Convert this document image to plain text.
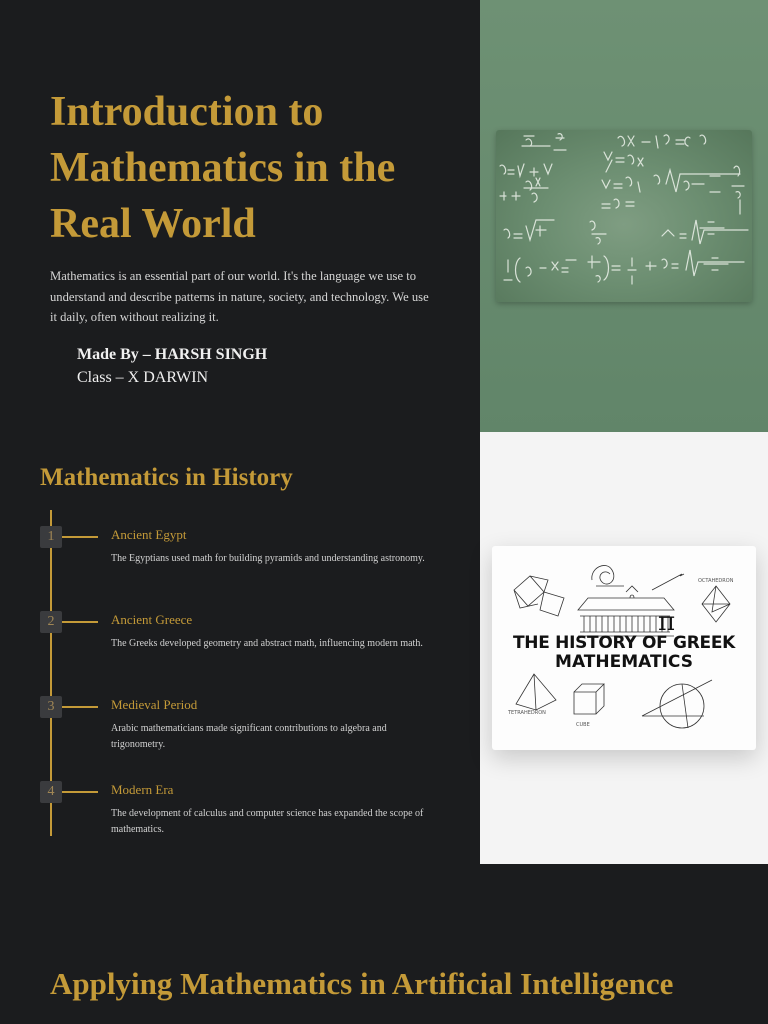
Introduction to Mathematics in the Real World

Mathematics is an essential part of our world. It's the language we use to understand and describe patterns in nature, society, and technology. We use it daily, often without realizing it.

Made By – HARSH SINGH
Class – X DARWIN
Mathematics in History
1	Ancient Egypt
The Egyptians used math for building pyramids and understanding astronomy.
2	Ancient Greece
The Greeks developed geometry and abstract math, influencing modern math.
3	Medieval Period
Arabic mathematicians made significant contributions to algebra and trigonometry.
4	Modern Era
The development of calculus and computer science has expanded the scope of mathematics.
π
THE HISTORY OF GREEK
MATHEMATICS
OCTAHEDRON
TETRAHEDRON
CUBE
Applying Mathematics in Artificial Intelligence
